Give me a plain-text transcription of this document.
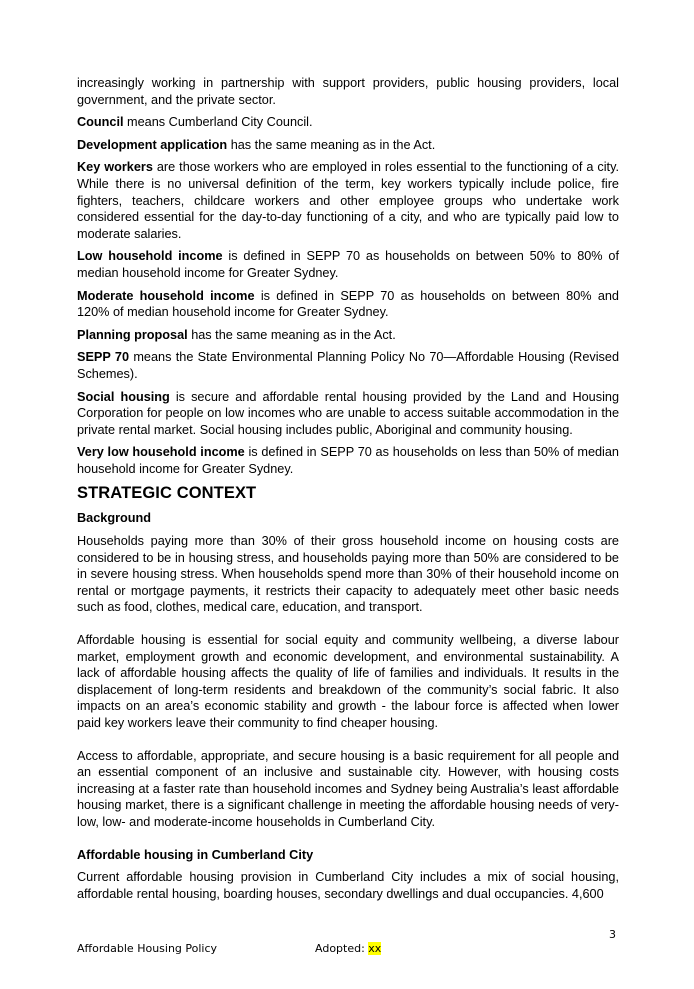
increasingly working in partnership with support providers, public housing providers, local government, and the private sector.

Council means Cumberland City Council.

Development application has the same meaning as in the Act.

Key workers are those workers who are employed in roles essential to the functioning of a city. While there is no universal definition of the term, key workers typically include police, fire fighters, teachers, childcare workers and other employee groups who undertake work considered essential for the day-to-day functioning of a city, and who are typically paid low to moderate salaries.

Low household income is defined in SEPP 70 as households on between 50% to 80% of median household income for Greater Sydney.

Moderate household income is defined in SEPP 70 as households on between 80% and 120% of median household income for Greater Sydney.

Planning proposal has the same meaning as in the Act.

SEPP 70 means the State Environmental Planning Policy No 70—Affordable Housing (Revised Schemes).

Social housing is secure and affordable rental housing provided by the Land and Housing Corporation for people on low incomes who are unable to access suitable accommodation in the private rental market. Social housing includes public, Aboriginal and community housing.

Very low household income is defined in SEPP 70 as households on less than 50% of median household income for Greater Sydney.

STRATEGIC CONTEXT
Background

Households paying more than 30% of their gross household income on housing costs are considered to be in housing stress, and households paying more than 50% are considered to be in severe housing stress. When households spend more than 30% of their household income on rental or mortgage payments, it restricts their capacity to adequately meet other basic needs such as food, clothes, medical care, education, and transport.

Affordable housing is essential for social equity and community wellbeing, a diverse labour market, employment growth and economic development, and environmental sustainability. A lack of affordable housing affects the quality of life of families and individuals. It results in the displacement of long-term residents and breakdown of the community’s social fabric. It also impacts on an area’s economic stability and growth - the labour force is affected when lower paid key workers leave their community to find cheaper housing.

Access to affordable, appropriate, and secure housing is a basic requirement for all people and an essential component of an inclusive and sustainable city. However, with housing costs increasing at a faster rate than household incomes and Sydney being Australia’s least affordable housing market, there is a significant challenge in meeting the affordable housing needs of very-low, low- and moderate-income households in Cumberland City.

Affordable housing in Cumberland City

Current affordable housing provision in Cumberland City includes a mix of social housing, affordable rental housing, boarding houses, secondary dwellings and dual occupancies. 4,600

3
Affordable Housing Policy	Adopted: xx
